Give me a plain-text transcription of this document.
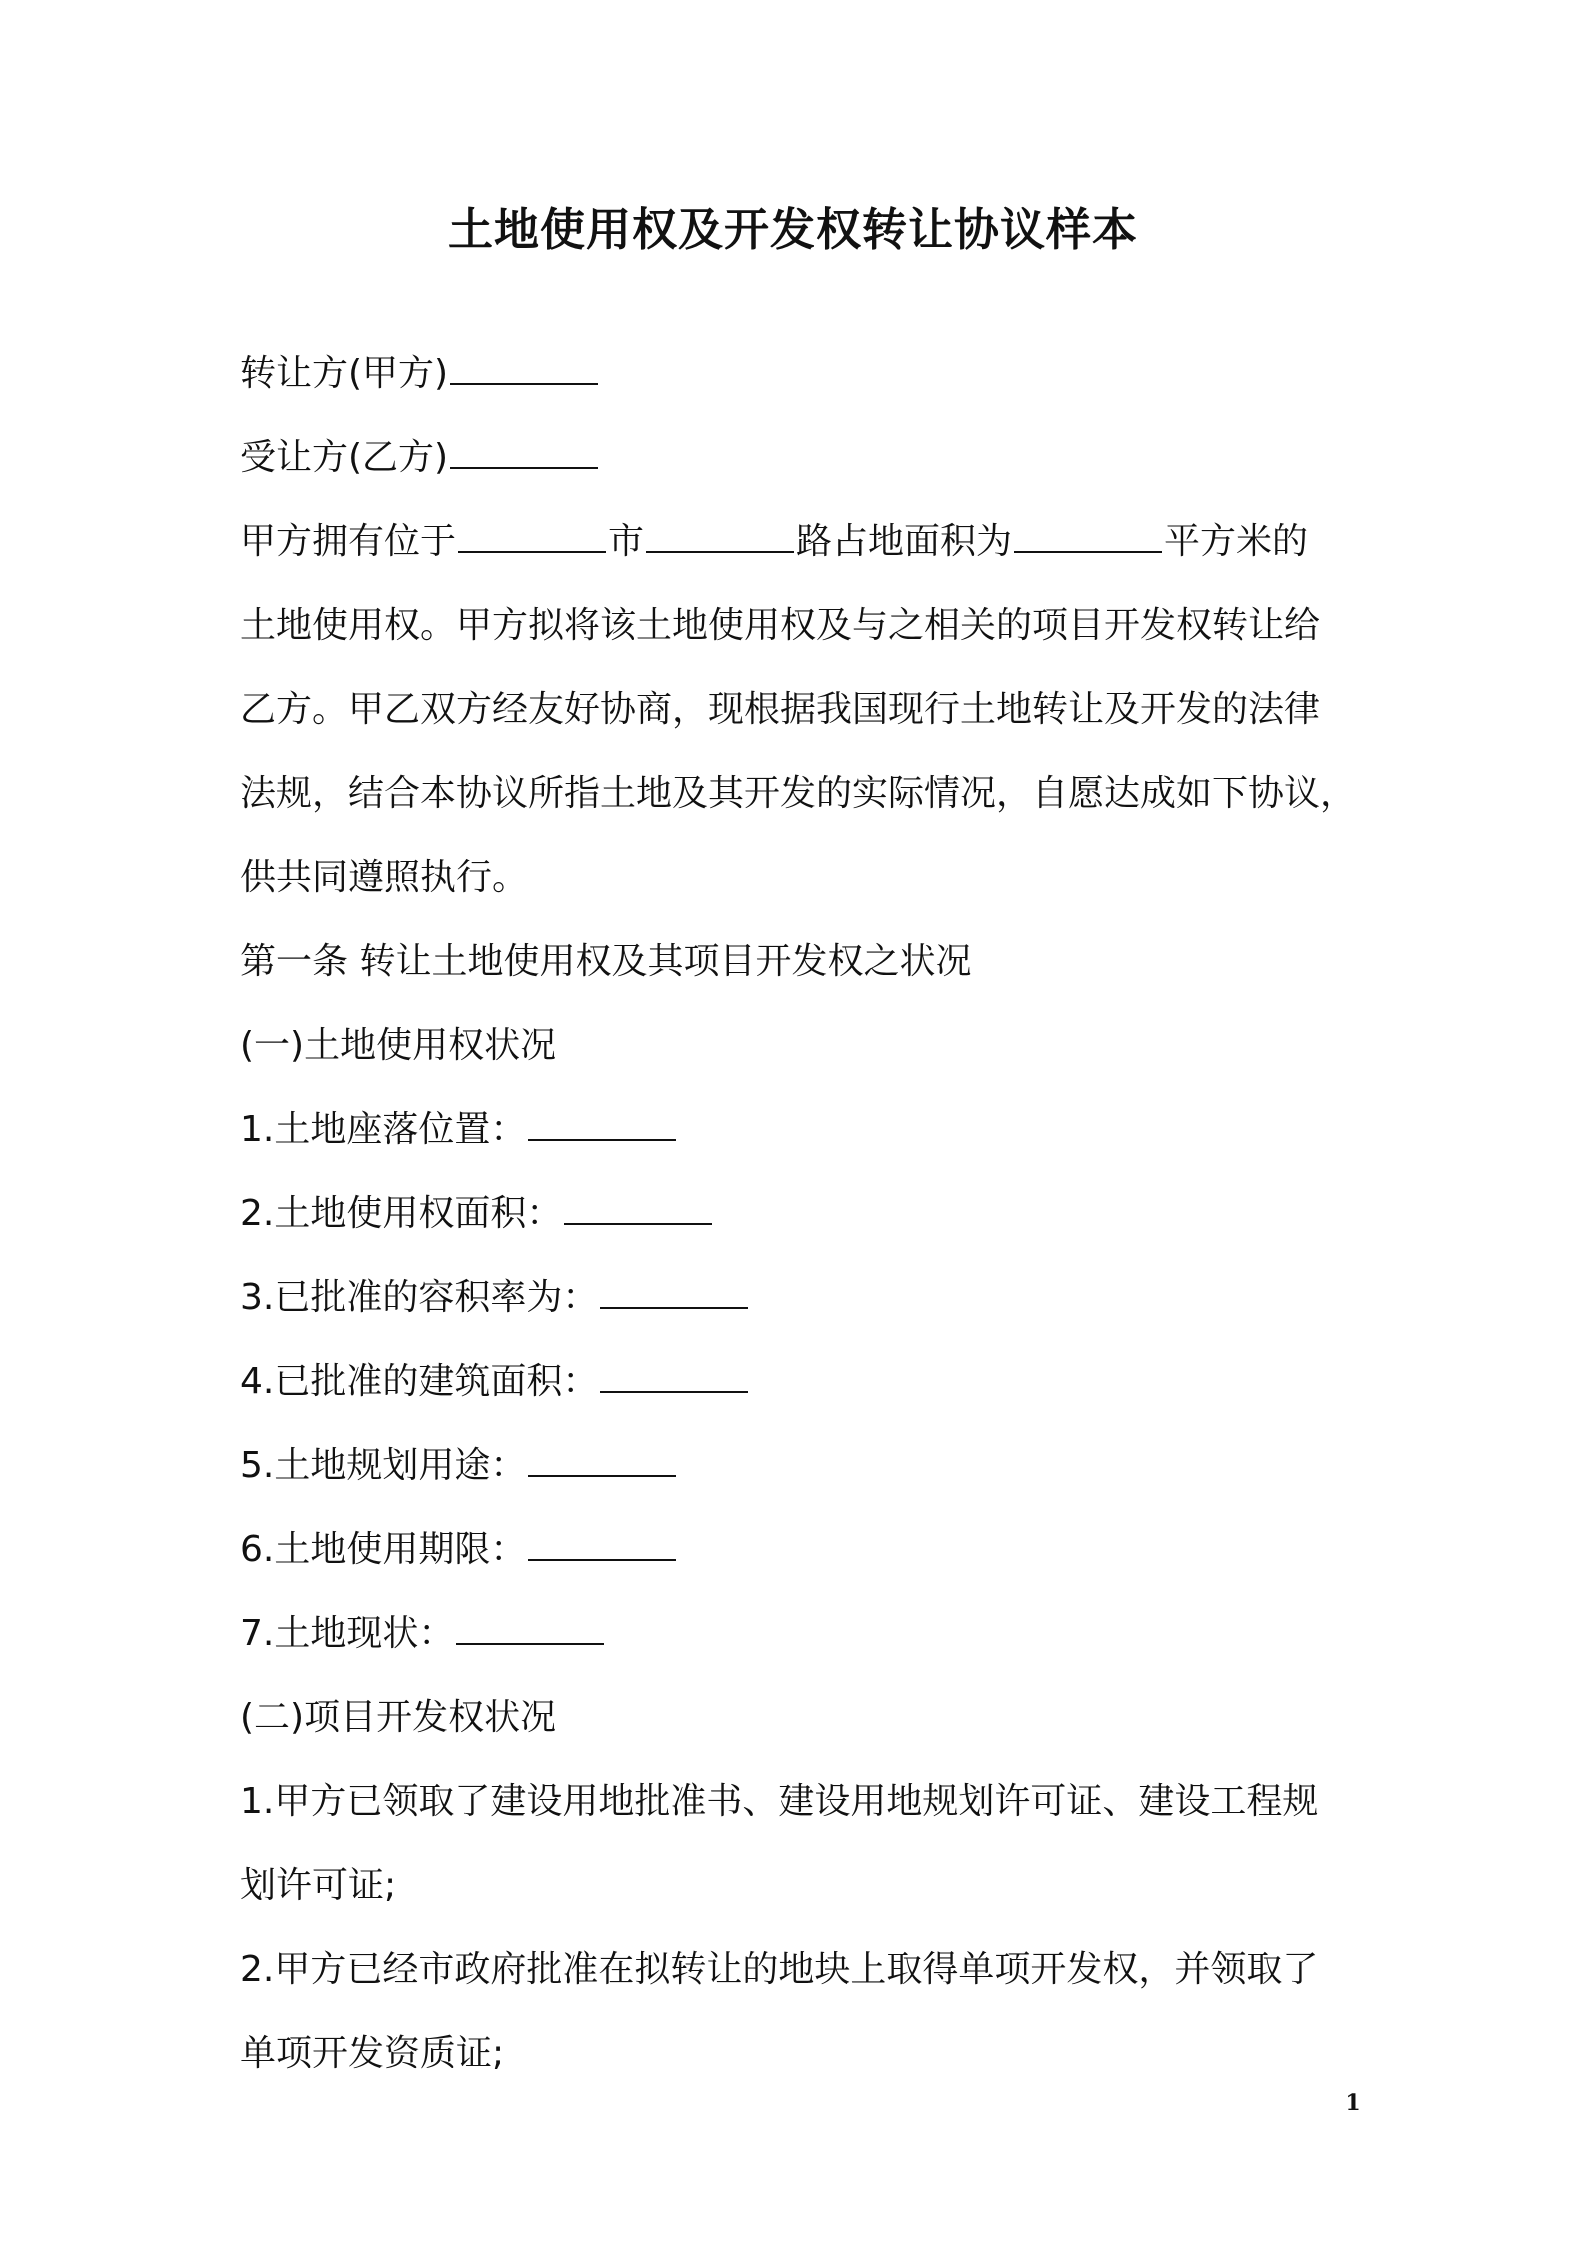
土地使用权及开发权转让协议样本
转让方(甲方)
受让方(乙方)
甲方拥有位于	市	路占地面积为	平方米的
土地使用权。甲方拟将该土地使用权及与之相关的项目开发权转让给
乙方。甲乙双方经友好协商，现根据我国现行土地转让及开发的法律
法规，结合本协议所指土地及其开发的实际情况，自愿达成如下协议，
供共同遵照执行。
第一条 转让土地使用权及其项目开发权之状况
(一)土地使用权状况
1.土地座落位置：
2.土地使用权面积：
3.已批准的容积率为：
4.已批准的建筑面积：
5.土地规划用途：
6.土地使用期限：
7.土地现状：
(二)项目开发权状况
1.甲方已领取了建设用地批准书、建设用地规划许可证、建设工程规
划许可证;
2.甲方已经市政府批准在拟转让的地块上取得单项开发权，并领取了
单项开发资质证;
1
